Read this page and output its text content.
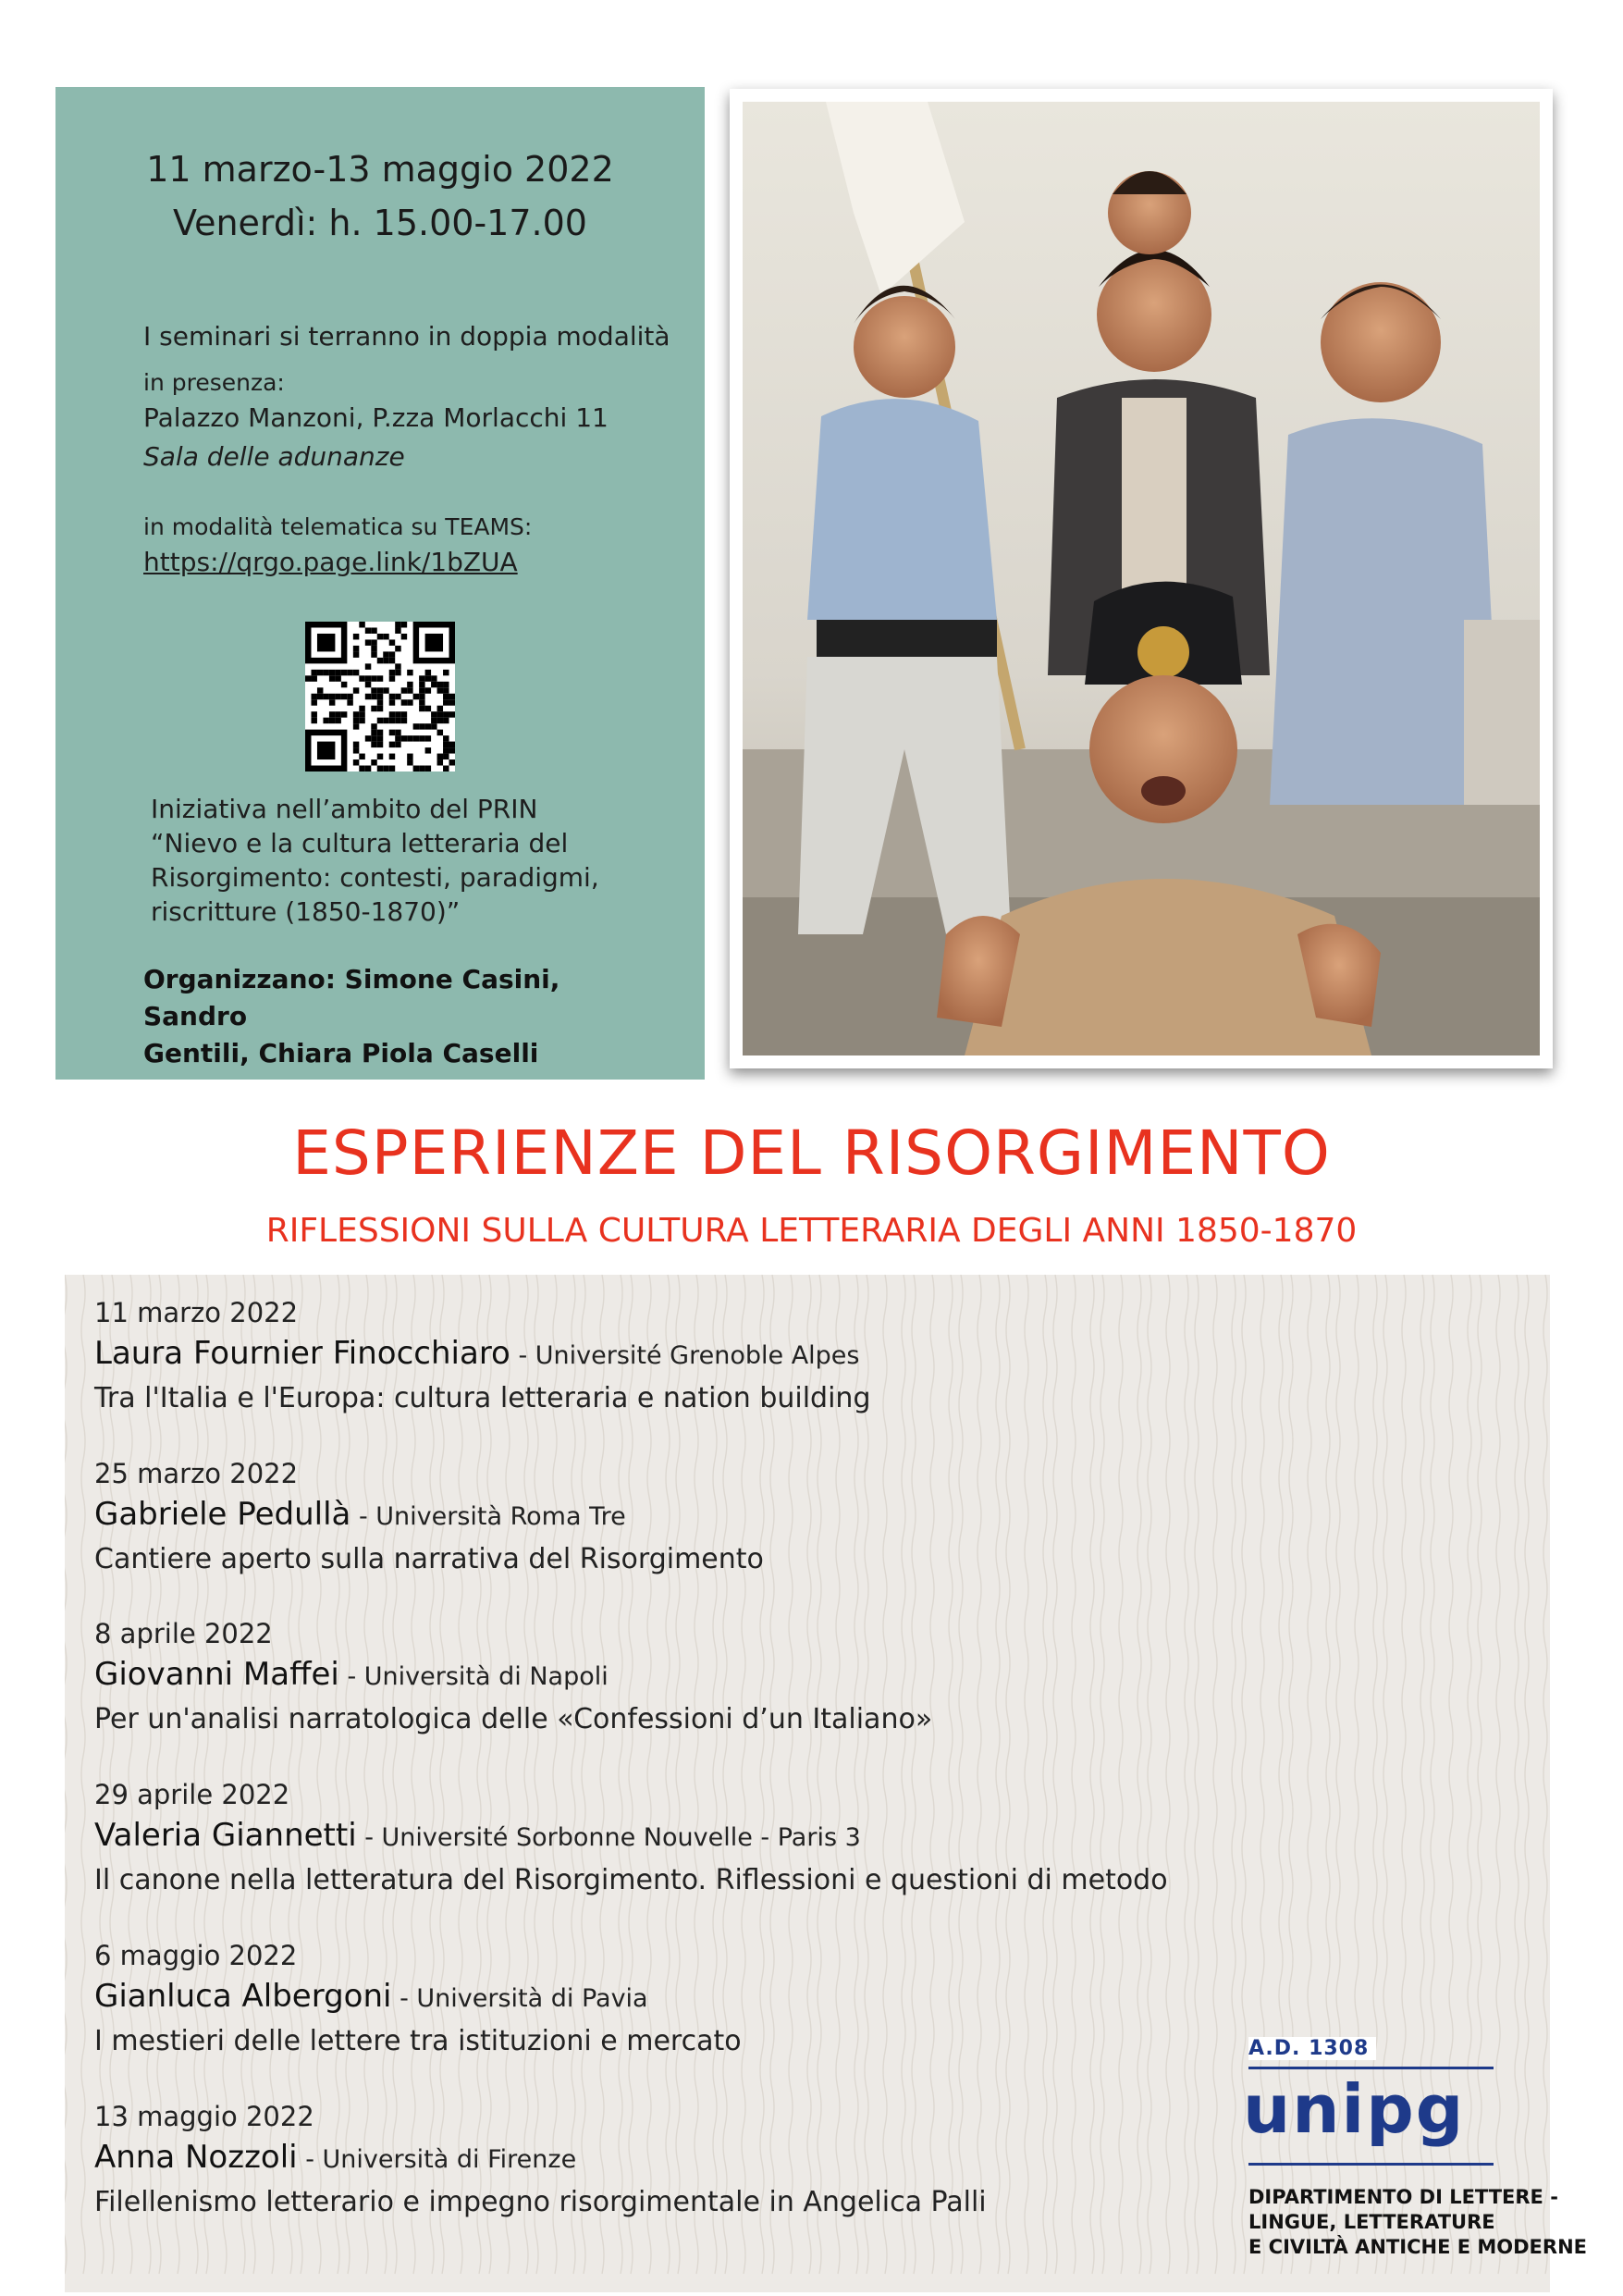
11 marzo-13 maggio 2022
Venerdì: h. 15.00-17.00
I seminari si terranno in doppia modalità
in presenza:
Palazzo Manzoni, P.zza Morlacchi 11
Sala delle adunanze
in modalità telematica su TEAMS:
https://qrgo.page.link/1bZUA
Iniziativa nell’ambito del PRIN
“Nievo e la cultura letteraria del
Risorgimento: contesti, paradigmi,
riscritture (1850-1870)”
Organizzano: Simone Casini, Sandro
Gentili, Chiara Piola Caselli
ESPERIENZE DEL RISORGIMENTO
RIFLESSIONI SULLA CULTURA LETTERARIA DEGLI ANNI 1850-1870
11 marzo 2022
Laura Fournier Finocchiaro - Université Grenoble Alpes
Tra l'Italia e l'Europa: cultura letteraria e nation building
25 marzo 2022
Gabriele Pedullà - Università Roma Tre
Cantiere aperto sulla narrativa del Risorgimento
8 aprile 2022
Giovanni Maffei - Università di Napoli
Per un'analisi narratologica delle «Confessioni d’un Italiano»
29 aprile 2022
Valeria Giannetti - Université Sorbonne Nouvelle - Paris 3
Il canone nella letteratura del Risorgimento. Riflessioni e questioni di metodo
6 maggio 2022
Gianluca Albergoni - Università di Pavia
I mestieri delle lettere tra istituzioni e mercato
13 maggio 2022
Anna Nozzoli - Università di Firenze
Filellenismo letterario e impegno risorgimentale in Angelica Palli
A.D. 1308
unipg
DIPARTIMENTO DI LETTERE -
LINGUE, LETTERATURE
E CIVILTÀ ANTICHE E MODERNE
